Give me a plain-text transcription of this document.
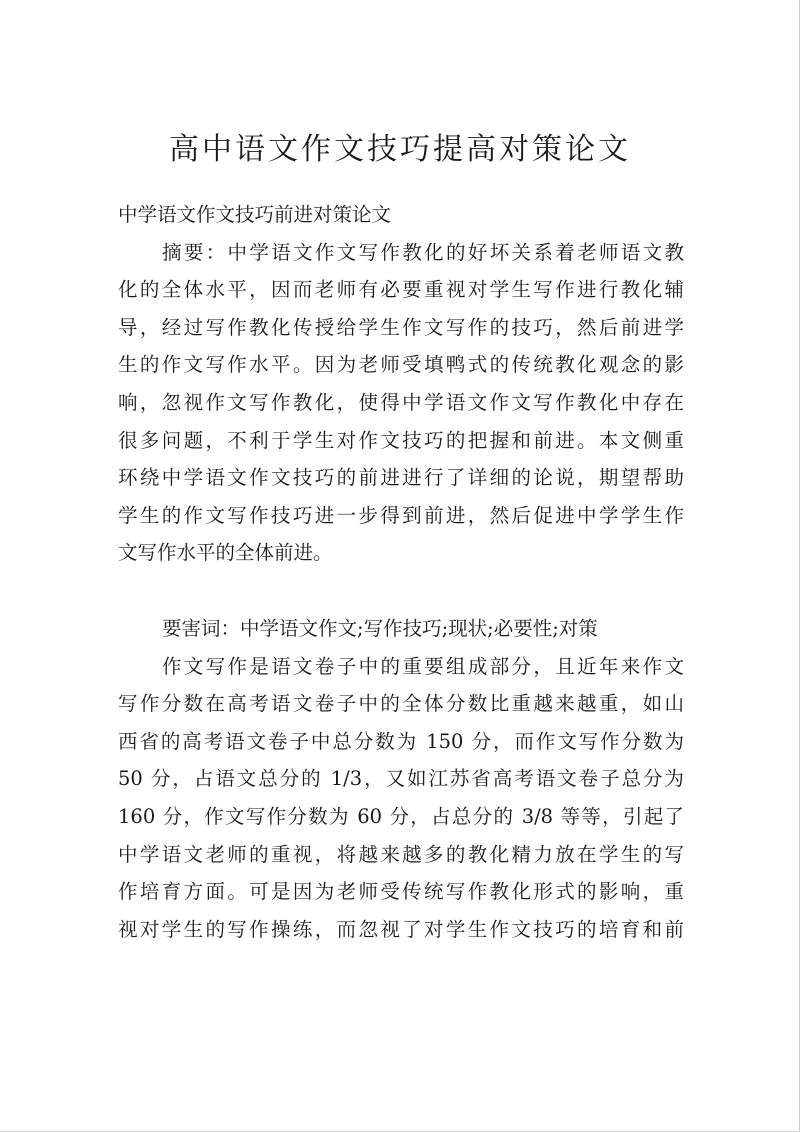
高中语文作文技巧提高对策论文
中学语文作文技巧前进对策论文
摘要：中学语文作文写作教化的好坏关系着老师语文教
化的全体水平，因而老师有必要重视对学生写作进行教化辅
导，经过写作教化传授给学生作文写作的技巧，然后前进学
生的作文写作水平。因为老师受填鸭式的传统教化观念的影
响，忽视作文写作教化，使得中学语文作文写作教化中存在
很多问题，不利于学生对作文技巧的把握和前进。本文侧重
环绕中学语文作文技巧的前进进行了详细的论说，期望帮助
学生的作文写作技巧进一步得到前进，然后促进中学学生作
文写作水平的全体前进。
要害词：中学语文作文;写作技巧;现状;必要性;对策
作文写作是语文卷子中的重要组成部分，且近年来作文
写作分数在高考语文卷子中的全体分数比重越来越重，如山
西省的高考语文卷子中总分数为 150 分，而作文写作分数为
50 分，占语文总分的 1/3，又如江苏省高考语文卷子总分为
160 分，作文写作分数为 60 分，占总分的 3/8 等等，引起了
中学语文老师的重视，将越来越多的教化精力放在学生的写
作培育方面。可是因为老师受传统写作教化形式的影响，重
视对学生的写作操练，而忽视了对学生作文技巧的培育和前
